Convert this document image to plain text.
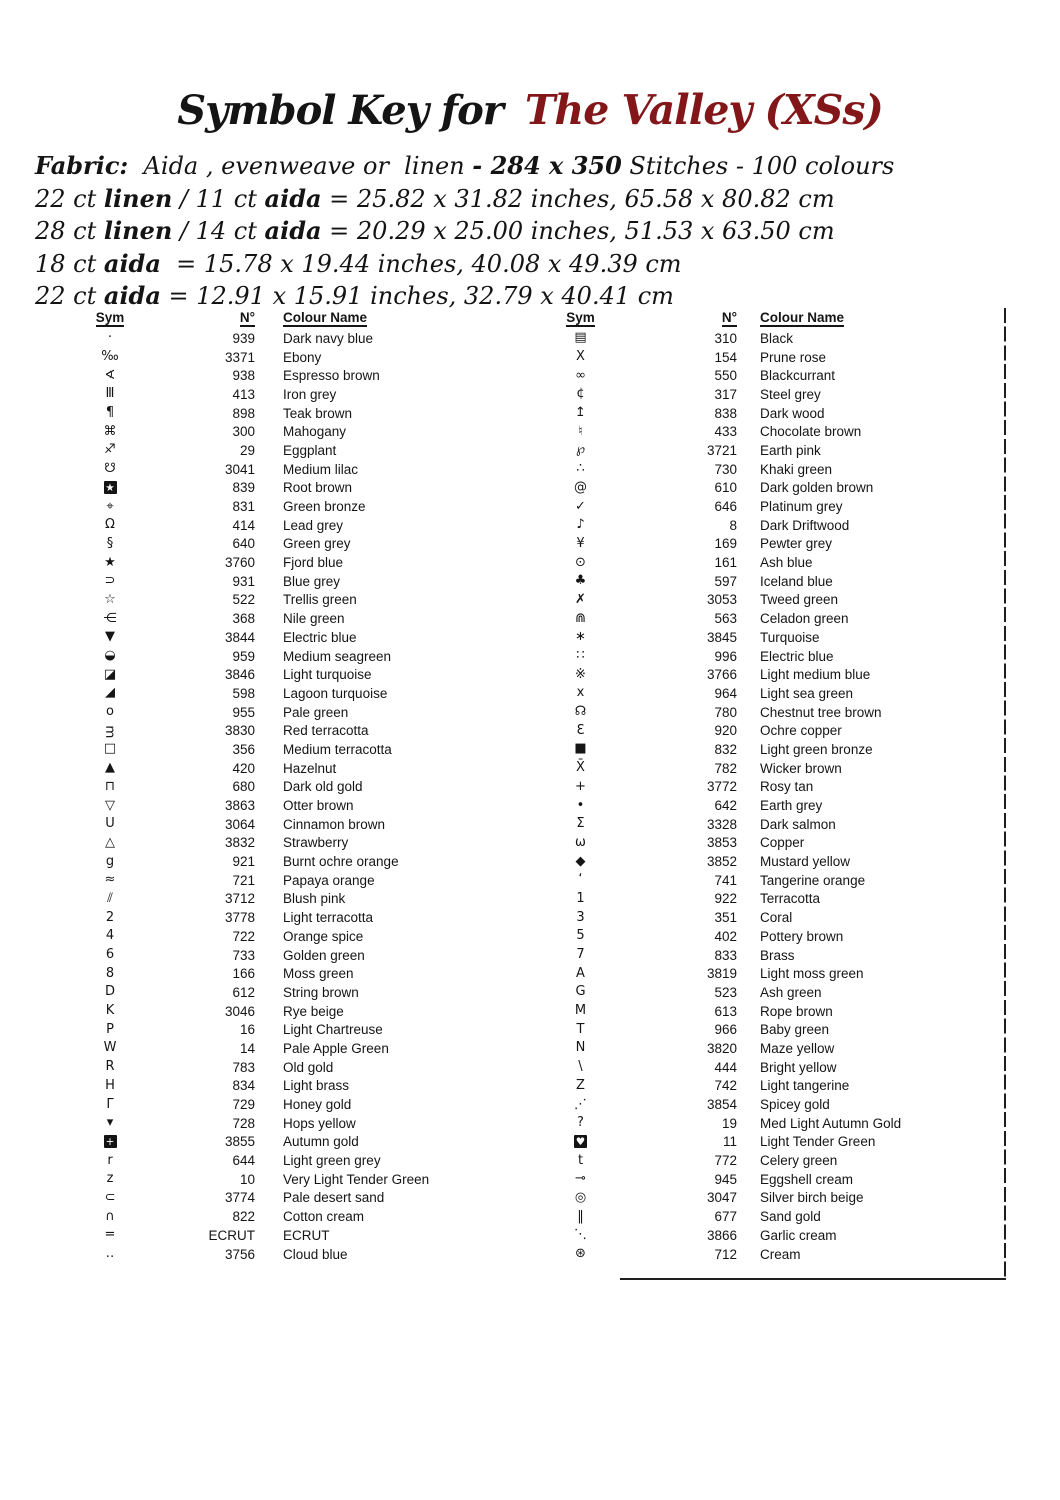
Symbol Key for The Valley (XSs)
Fabric:  Aida , evenweave or  linen - 284 x 350 Stitches - 100 colours
22 ct linen / 11 ct aida = 25.82 x 31.82 inches, 65.58 x 80.82 cm
28 ct linen / 14 ct aida = 20.29 x 25.00 inches, 51.53 x 63.50 cm
18 ct aida  = 15.78 x 19.44 inches, 40.08 x 49.39 cm
22 ct aida = 12.91 x 15.91 inches, 32.79 x 40.41 cm
Sym	N° Colour Name
·	939 Dark navy blue
‰	3371 Ebony
∢	938 Espresso brown
Ⅲ	413 Iron grey
¶	898 Teak brown
⌘	300 Mahogany
♐	29 Eggplant
☋	3041 Medium lilac
★	839 Root brown
⌖	831 Green bronze
Ω	414 Lead grey
§	640 Green grey
★	3760 Fjord blue
⊃	931 Blue grey
☆	522 Trellis green
⋲	368 Nile green
▼	3844 Electric blue
◒	959 Medium seagreen
◪	3846 Light turquoise
◢	598 Lagoon turquoise
o	955 Pale green
ᴟ	3830 Red terracotta
□	356 Medium terracotta
▲	420 Hazelnut
⊓	680 Dark old gold
▽	3863 Otter brown
U	3064 Cinnamon brown
△	3832 Strawberry
g	921 Burnt ochre orange
≈	721 Papaya orange
⫽	3712 Blush pink
2	3778 Light terracotta
4	722 Orange spice
6	733 Golden green
8	166 Moss green
D	612 String brown
K	3046 Rye beige
P	16 Light Chartreuse
W	14 Pale Apple Green
R	783 Old gold
H	834 Light brass
Γ	729 Honey gold
▾	728 Hops yellow
+	3855 Autumn gold
r	644 Light green grey
z	10 Very Light Tender Green
⊂	3774 Pale desert sand
∩	822 Cotton cream
=	ECRUT ECRUT
‥	3756 Cloud blue
Sym	N° Colour Name
▤	310 Black
X	154 Prune rose
∞	550 Blackcurrant
¢	317 Steel grey
↥	838 Dark wood
♮	433 Chocolate brown
℘	3721 Earth pink
∴	730 Khaki green
@	610 Dark golden brown
✓	646 Platinum grey
♪	8 Dark Driftwood
¥	169 Pewter grey
⊙	161 Ash blue
♣	597 Iceland blue
✗	3053 Tweed green
⋒	563 Celadon green
∗	3845 Turquoise
∷	996 Electric blue
※	3766 Light medium blue
x	964 Light sea green
☊	780 Chestnut tree brown
Ɛ	920 Ochre copper
■	832 Light green bronze
X̄	782 Wicker brown
+	3772 Rosy tan
•	642 Earth grey
Σ	3328 Dark salmon
ω	3853 Copper
◆	3852 Mustard yellow
‘	741 Tangerine orange
1	922 Terracotta
3	351 Coral
5	402 Pottery brown
7	833 Brass
A	3819 Light moss green
G	523 Ash green
M	613 Rope brown
T	966 Baby green
N	3820 Maze yellow
\	444 Bright yellow
Z	742 Light tangerine
⋰	3854 Spicey gold
?	19 Med Light Autumn Gold
♥	11 Light Tender Green
t	772 Celery green
⊸	945 Eggshell cream
◎	3047 Silver birch beige
‖	677 Sand gold
⋱	3866 Garlic cream
⊛	712 Cream
